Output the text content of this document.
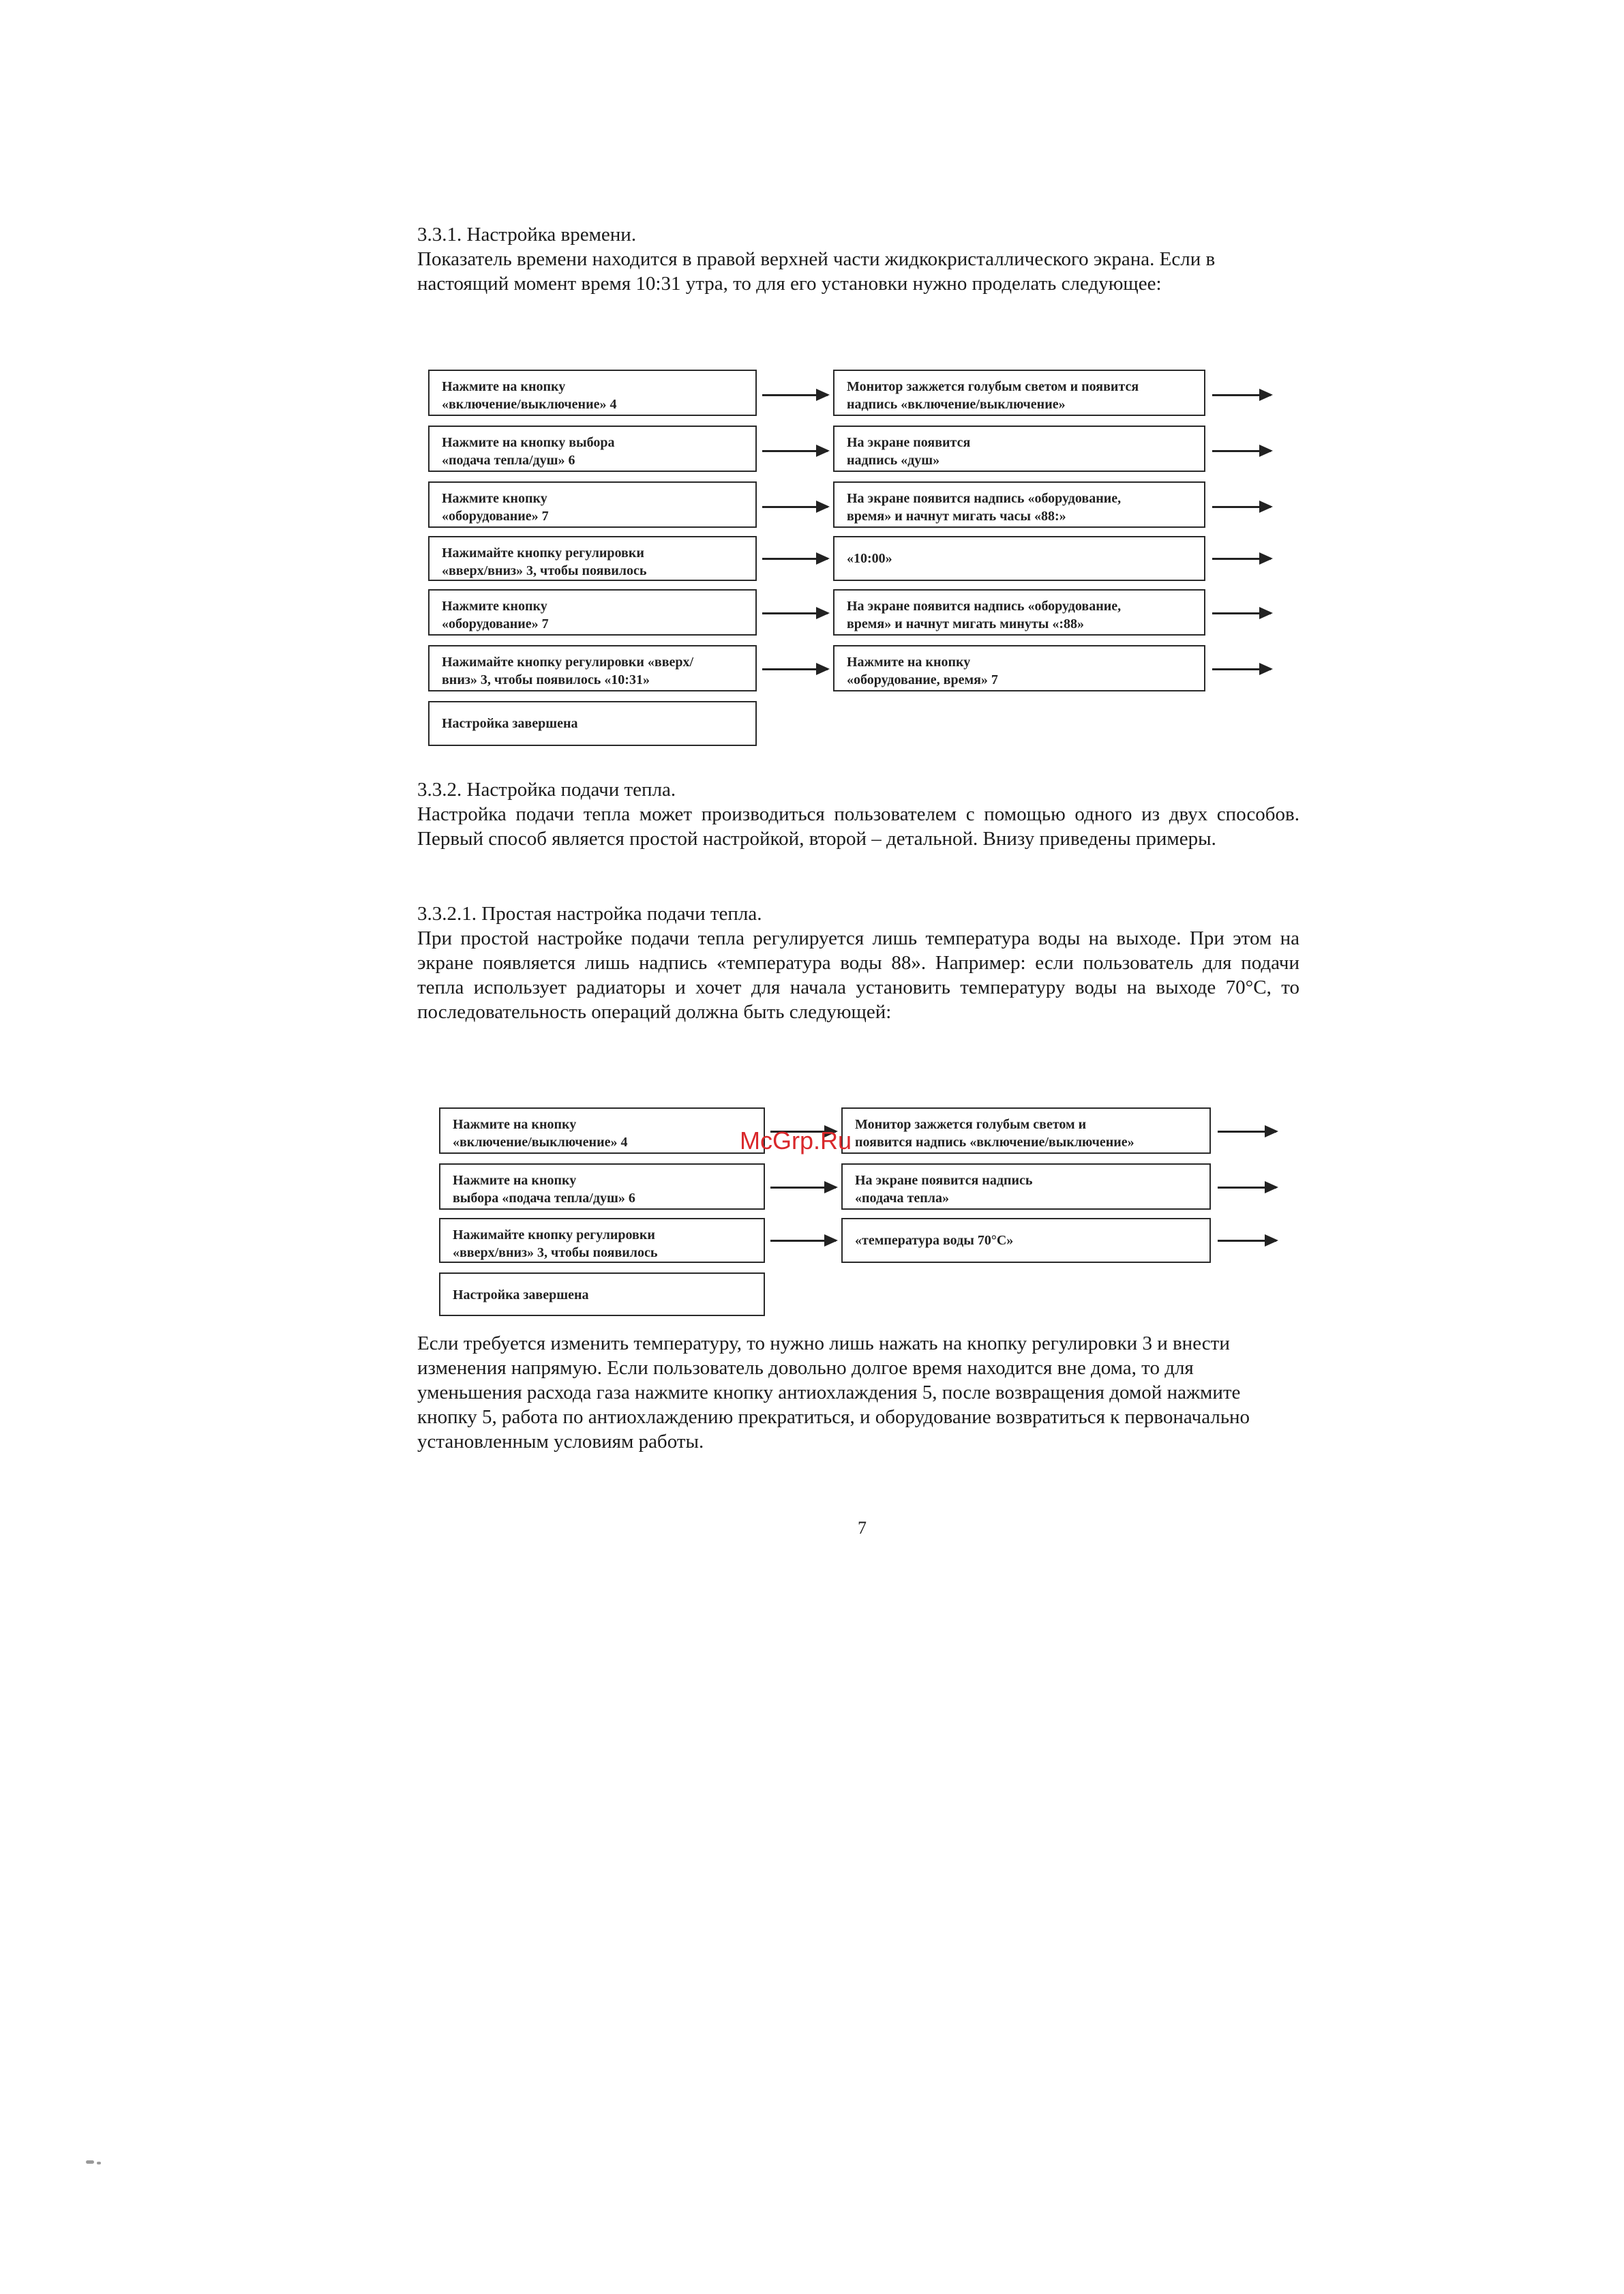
3.3.1. Настройка времени.

Показатель времени находится в правой верхней части жидкокристаллического экрана. Если в настоящий момент время 10:31 утра, то для его установки нужно проделать следующее:

Нажмите на кнопку
«включение/выключение» 4
Нажмите на кнопку выбора
«подача тепла/душ» 6
Нажмите кнопку
«оборудование» 7
Нажимайте кнопку регулировки
«вверх/вниз» 3, чтобы появилось
Нажмите кнопку
«оборудование» 7
Нажимайте кнопку регулировки «вверх/
вниз» 3, чтобы появилось «10:31»
Настройка завершена
Монитор зажжется голубым светом и появится
надпись «включение/выключение»
На экране появится
надпись «душ»
На экране появится надпись «оборудование,
время» и начнут мигать часы «88:»
«10:00»
На экране появится надпись «оборудование,
время» и начнут мигать минуты «:88»
Нажмите на кнопку
«оборудование, время» 7

3.3.2. Настройка подачи тепла.

Настройка подачи тепла может производиться пользователем с помощью одного из двух способов. Первый способ является простой настройкой, второй – детальной. Внизу приведены примеры.

3.3.2.1. Простая настройка подачи тепла.

При простой настройке подачи тепла регулируется лишь температура воды на выходе. При этом на экране появляется лишь надпись «температура воды 88». Например: если пользователь для подачи тепла использует радиаторы и хочет для начала установить температуру воды на выходе 70°С, то последовательность операций должна быть следующей:

Нажмите на кнопку
«включение/выключение» 4
Нажмите на кнопку
выбора «подача тепла/душ» 6
Нажимайте кнопку регулировки
«вверх/вниз» 3, чтобы появилось
Настройка завершена
Монитор зажжется голубым светом и
появится надпись «включение/выключение»
На экране появится надпись
«подача тепла»
«температура воды 70°С»
McGrp.Ru

Если требуется изменить температуру, то нужно лишь нажать на кнопку регулировки 3 и внести изменения напрямую. Если пользователь довольно долгое время находится вне дома, то для уменьшения расхода газа нажмите кнопку антиохлаждения 5, после возвращения домой нажмите кнопку 5, работа по антиохлаждению прекратиться, и оборудование возвратиться к первоначально установленным условиям работы.

7
